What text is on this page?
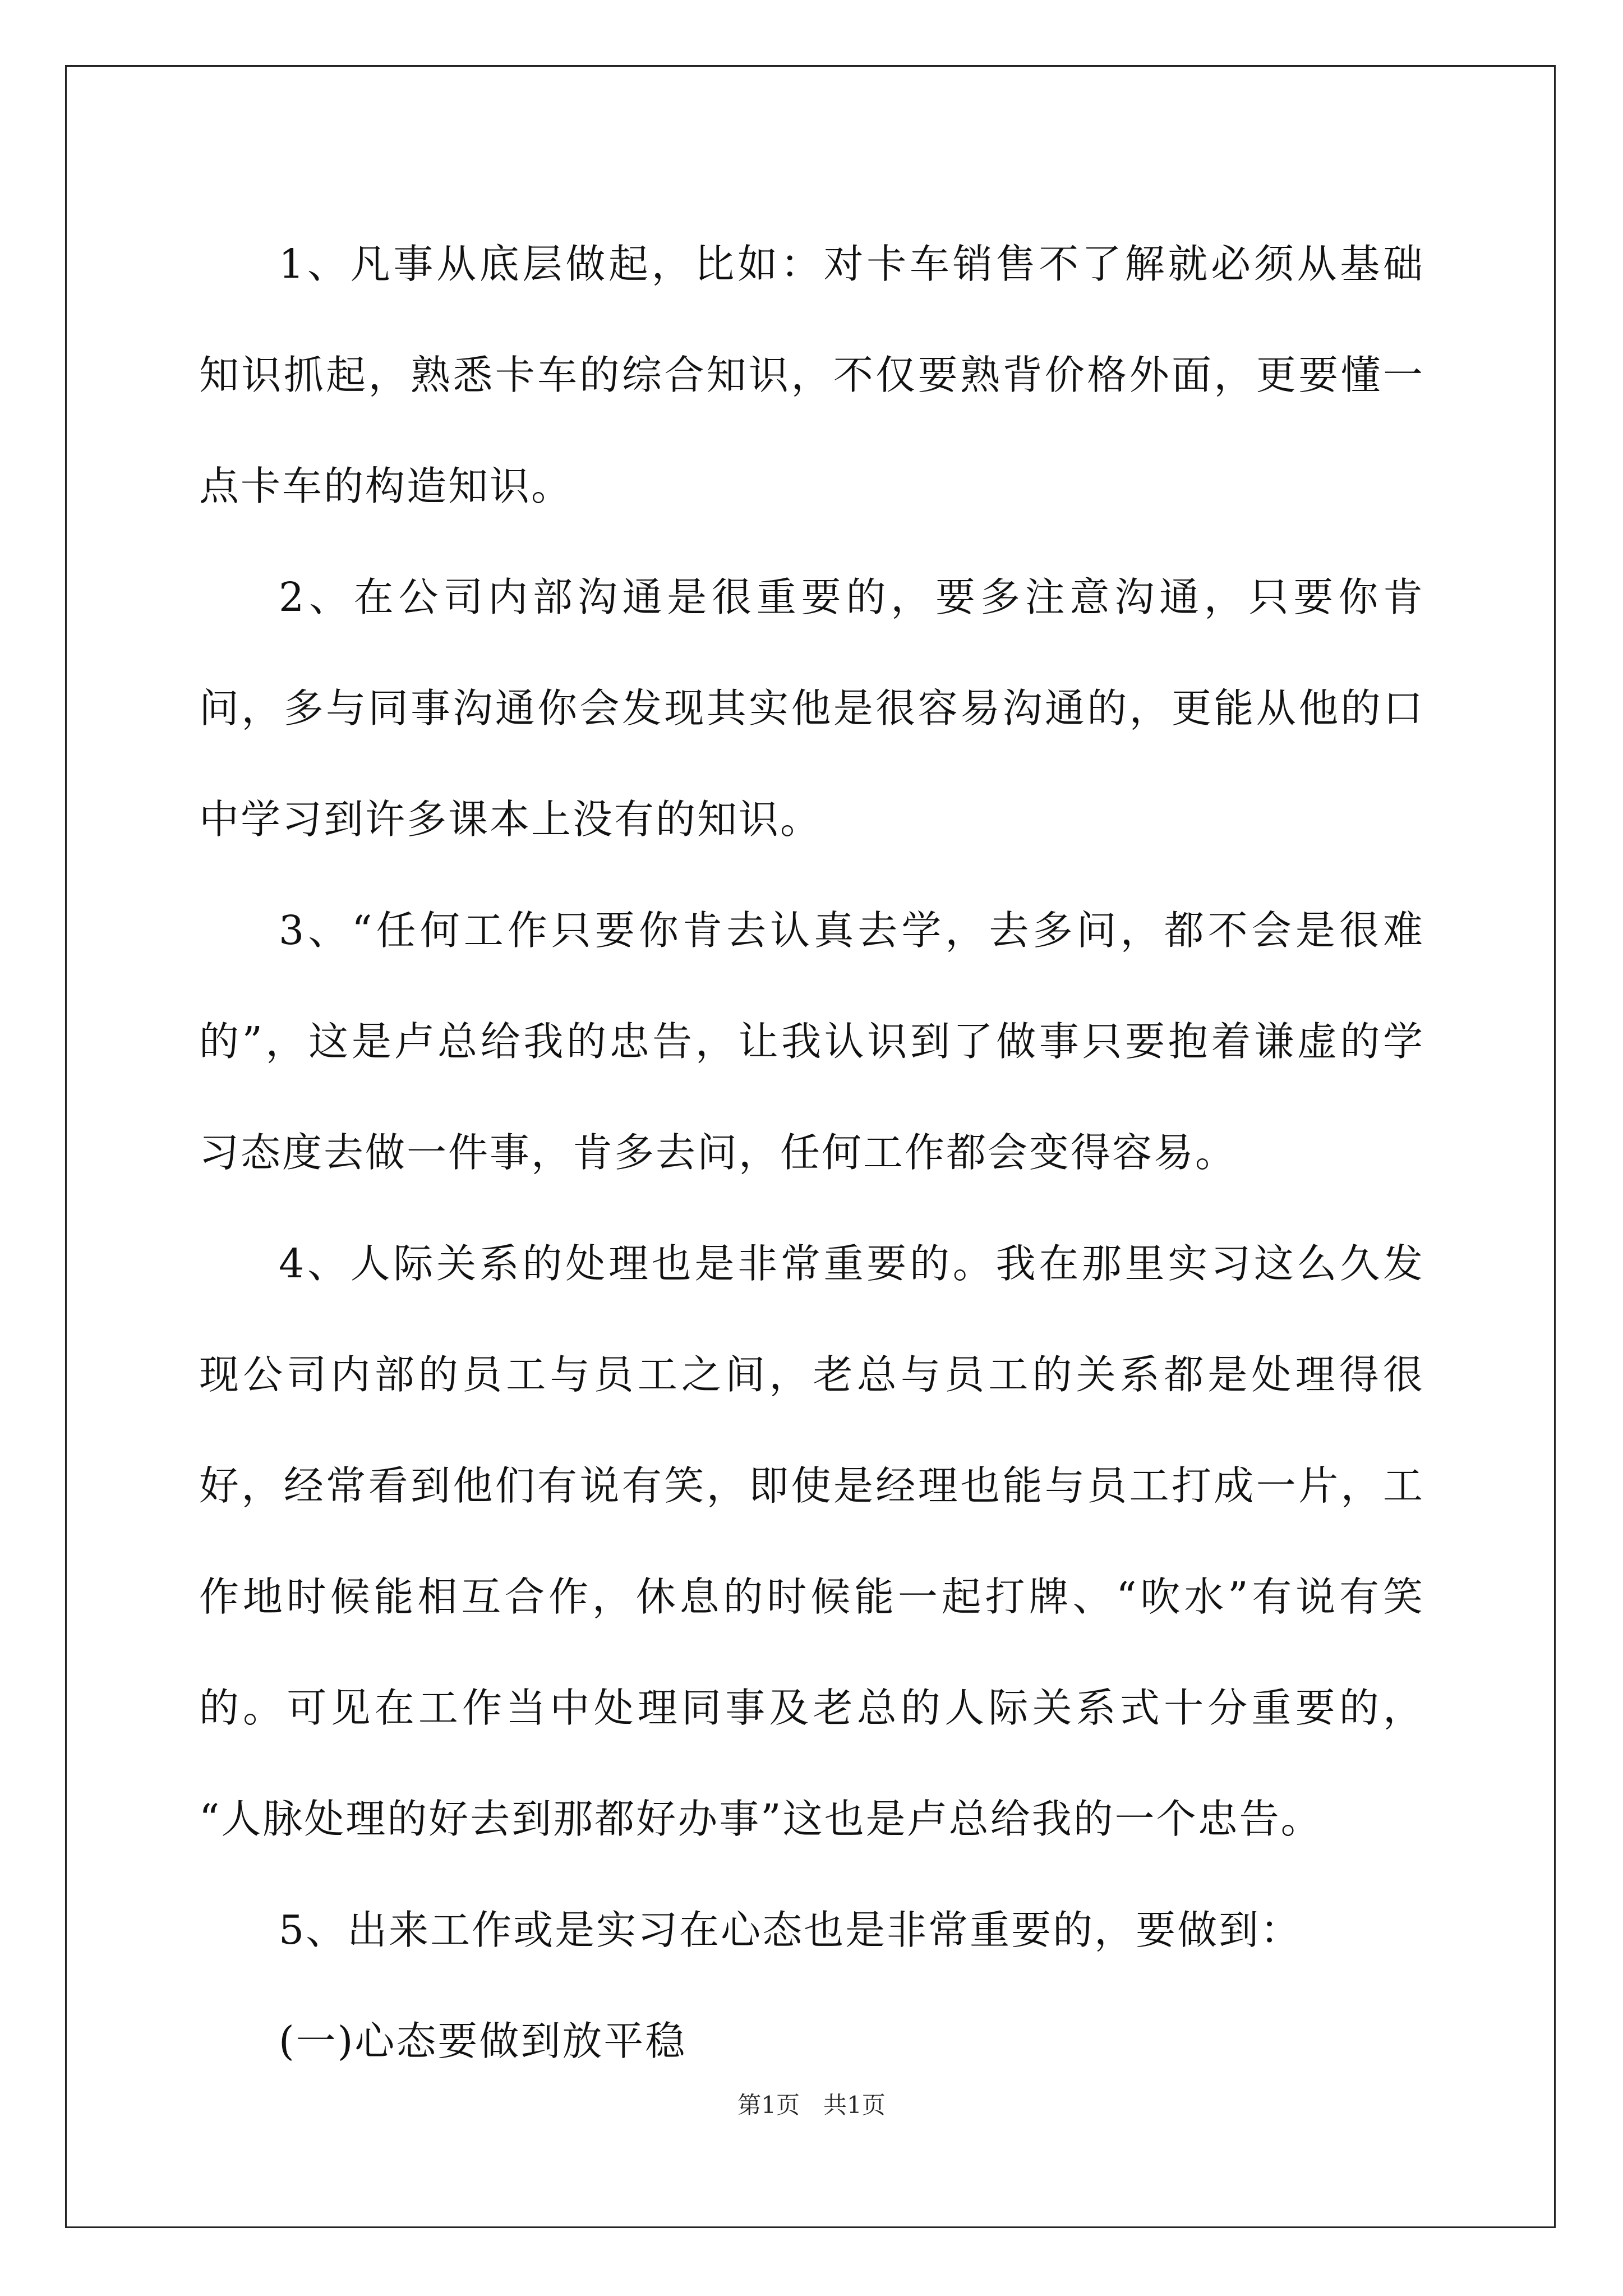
1、凡事从底层做起，比如：对卡车销售不了解就必须从基础知识抓起，熟悉卡车的综合知识，不仅要熟背价格外面，更要懂一点卡车的构造知识。

2、在公司内部沟通是很重要的，要多注意沟通，只要你肯问，多与同事沟通你会发现其实他是很容易沟通的，更能从他的口中学习到许多课本上没有的知识。

3、“任何工作只要你肯去认真去学，去多问，都不会是很难的”，这是卢总给我的忠告，让我认识到了做事只要抱着谦虚的学习态度去做一件事，肯多去问，任何工作都会变得容易。

4、人际关系的处理也是非常重要的。我在那里实习这么久发现公司内部的员工与员工之间，老总与员工的关系都是处理得很好，经常看到他们有说有笑，即使是经理也能与员工打成一片，工作地时候能相互合作，休息的时候能一起打牌、“吹水”有说有笑的。可见在工作当中处理同事及老总的人际关系式十分重要的， “人脉处理的好去到那都好办事”这也是卢总给我的一个忠告。

5、出来工作或是实习在心态也是非常重要的，要做到：

(一)心态要做到放平稳

第1页　共1页
